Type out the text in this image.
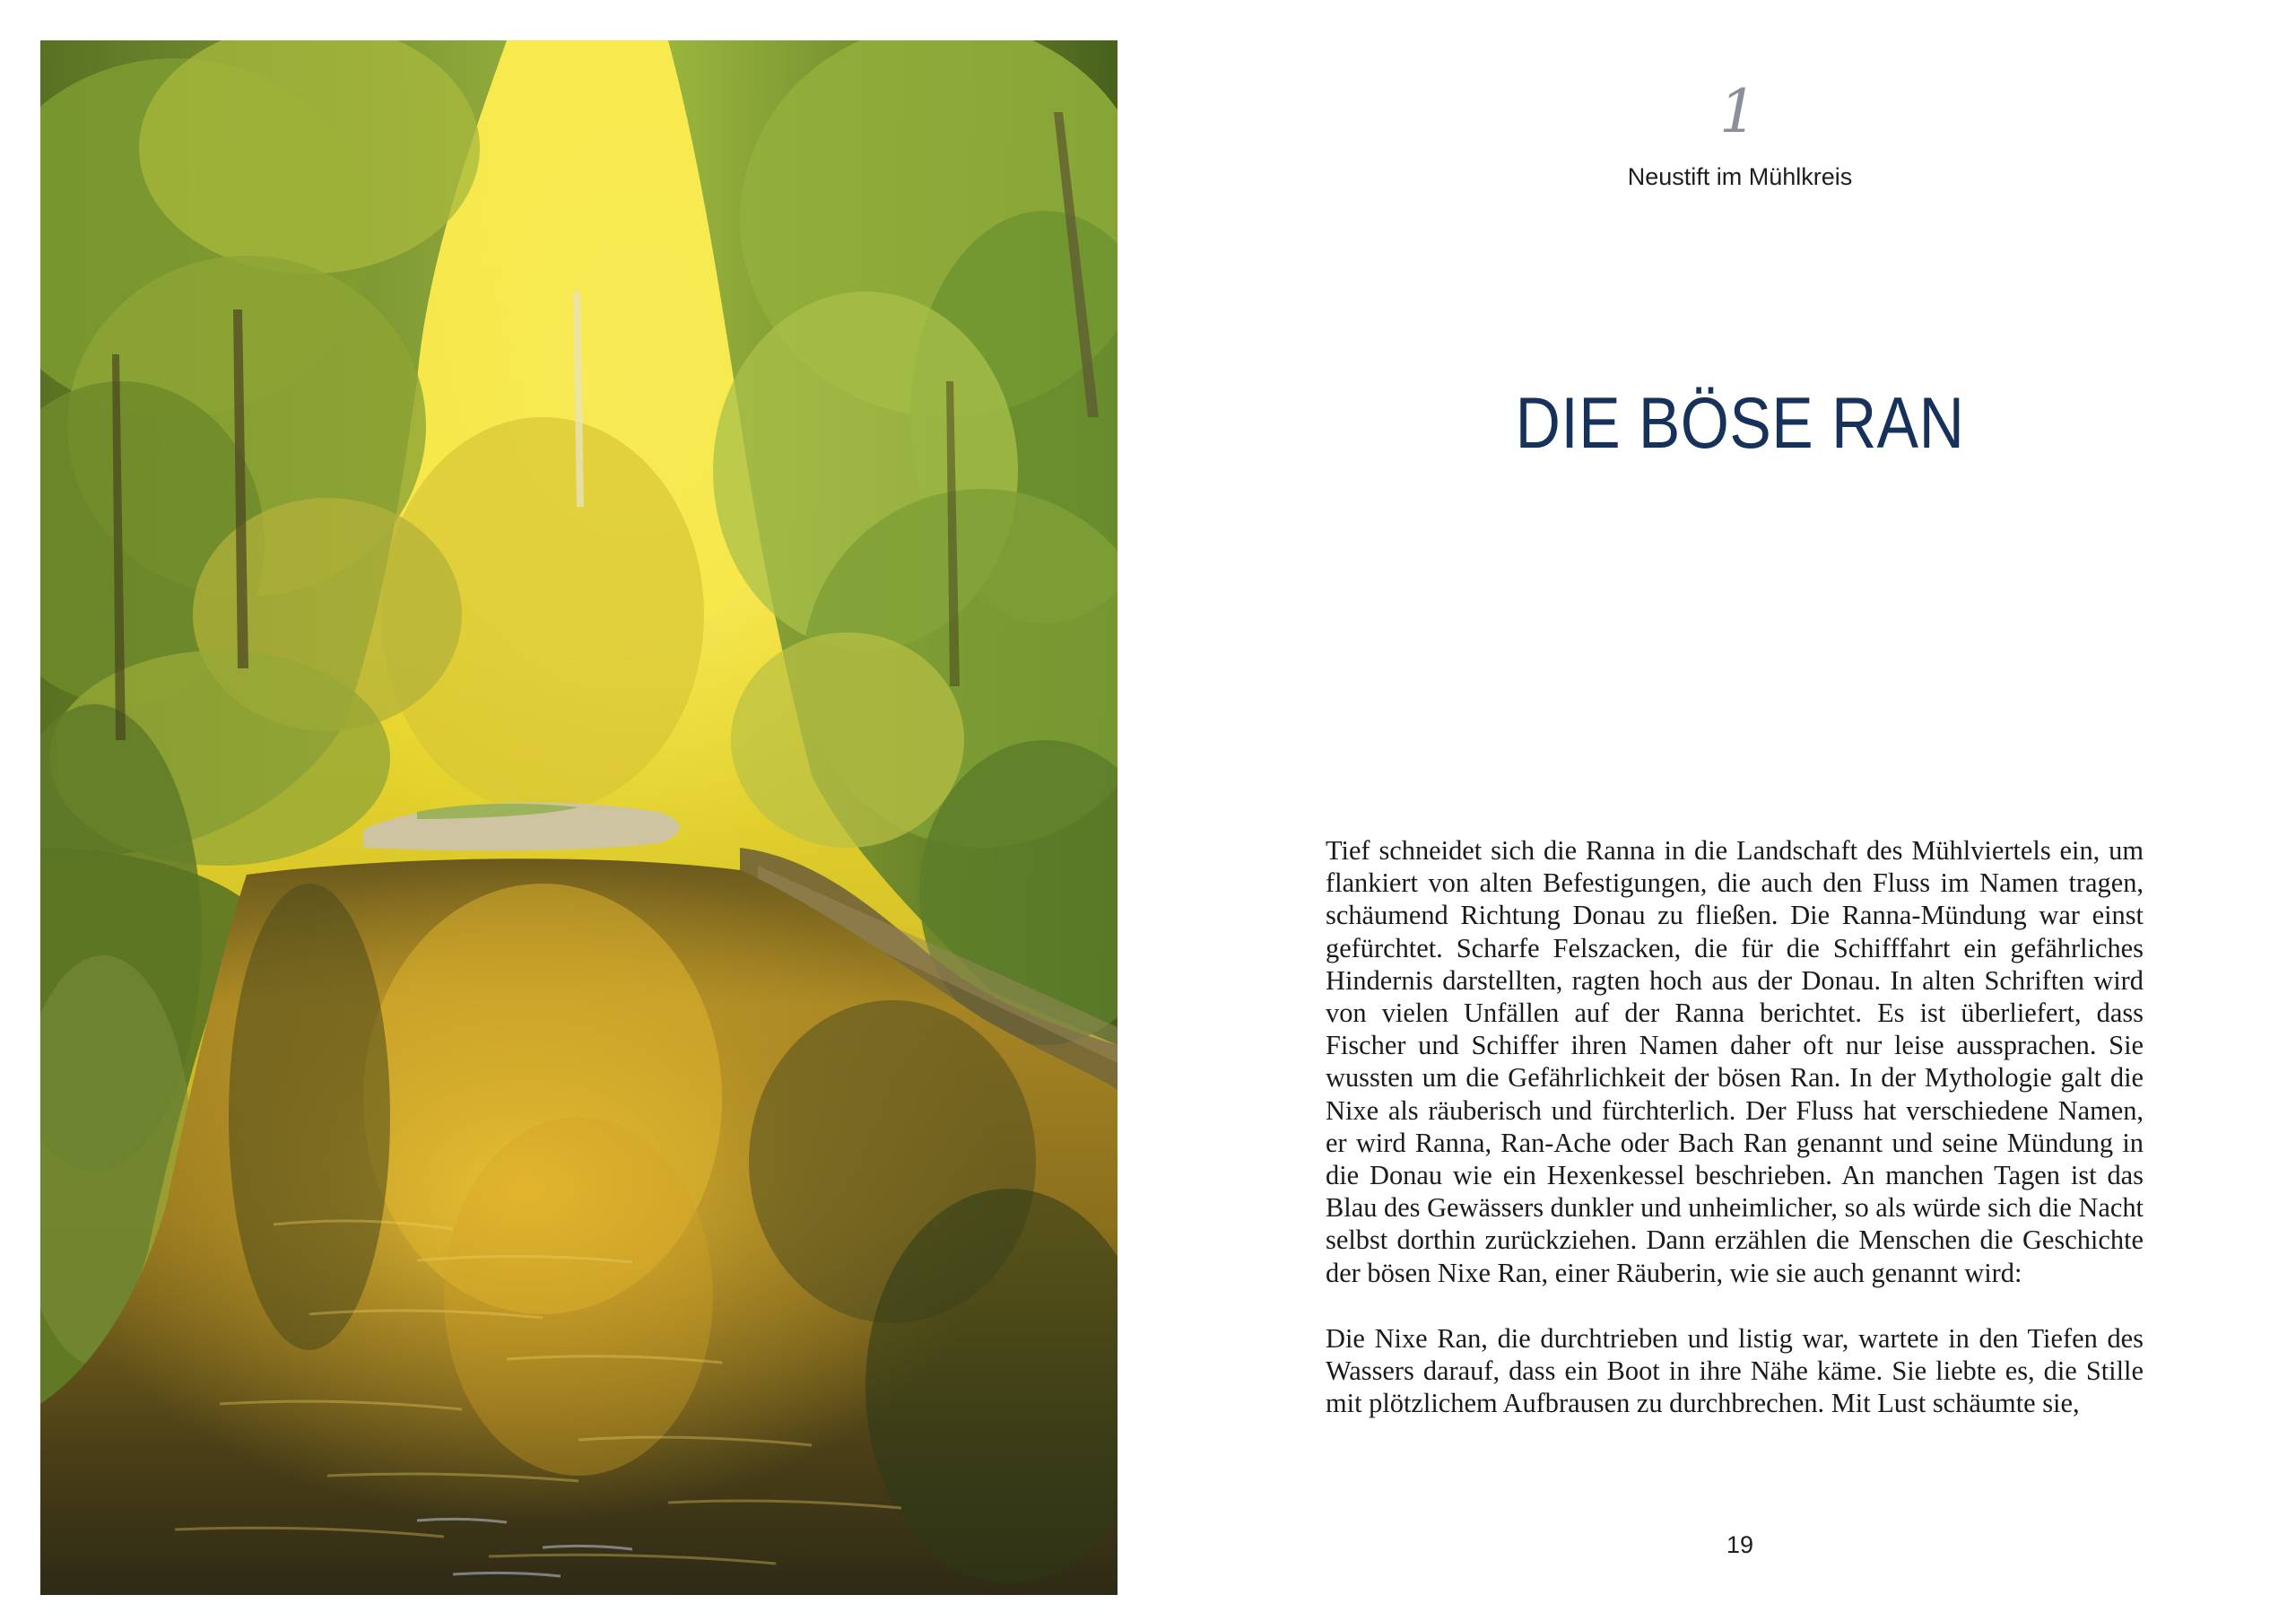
1
Neustift im Mühlkreis
DIE BÖSE RAN

Tief schneidet sich die Ranna in die Landschaft des Mühlviertels ein, um flankiert von alten Befestigungen, die auch den Fluss im Namen tragen, schäumend Richtung Donau zu fließen. Die Ranna-Mündung war einst gefürchtet. Scharfe Felszacken, die für die Schifffahrt ein gefährliches Hindernis darstellten, ragten hoch aus der Donau. In alten Schriften wird von vielen Unfällen auf der Ranna berichtet. Es ist überliefert, dass Fischer und Schiffer ihren Namen daher oft nur leise aussprachen. Sie wussten um die Gefährlichkeit der bösen Ran. In der Mythologie galt die Nixe als räuberisch und fürchterlich. Der Fluss hat verschiedene Namen, er wird Ranna, Ran-Ache oder Bach Ran genannt und seine Mündung in die Donau wie ein Hexenkessel beschrieben. An manchen Tagen ist das Blau des Gewässers dunkler und unheimlicher, so als würde sich die Nacht selbst dorthin zurückziehen. Dann erzählen die Menschen die Geschichte der bösen Nixe Ran, einer Räuberin, wie sie auch genannt wird:

Die Nixe Ran, die durchtrieben und listig war, wartete in den Tiefen des Wassers darauf, dass ein Boot in ihre Nähe käme. Sie liebte es, die Stille mit plötzlichem Aufbrausen zu durchbrechen. Mit Lust schäumte sie,

19
